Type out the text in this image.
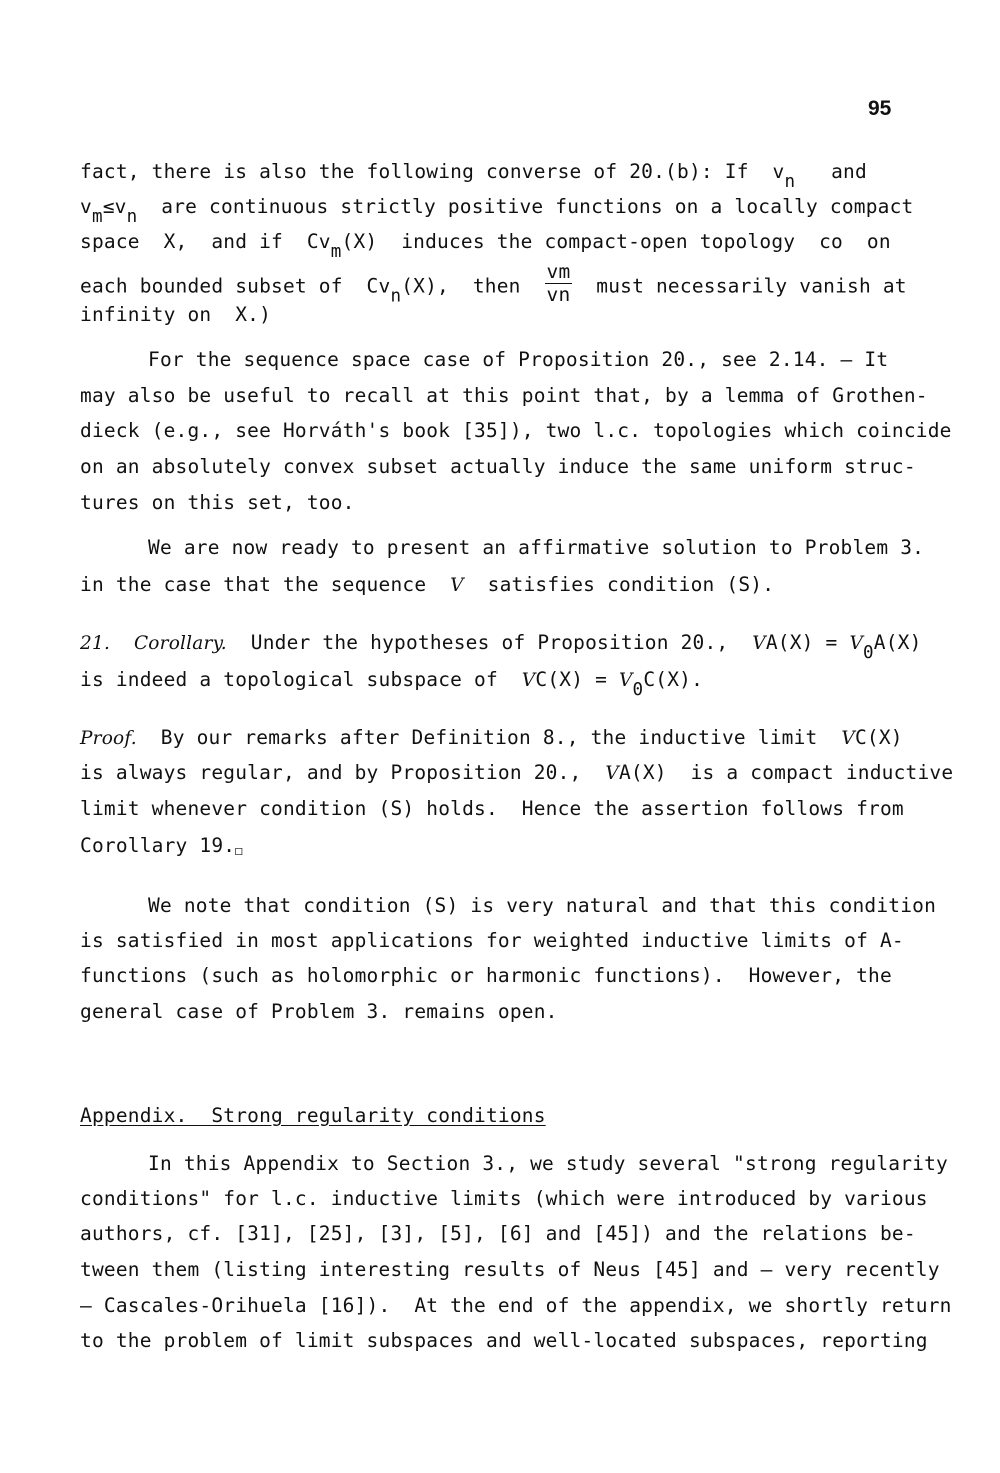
95
fact, there is also the following converse of 20.(b): If $v_n$ and
$v_m\le v_n$ are continuous strictly positive functions on a locally compact
space  X,  and if  $Cv_m(X)$  induces the compact-open topology  co  on
each bounded subset of  $Cv_n(X)$,  then $\frac{vm}{vn}$ must necessarily vanish at
infinity on  X.)
For the sequence space case of Proposition 20., see 2.14. — It
may also be useful to recall at this point that, by a lemma of Grothen-
dieck (e.g., see Horváth's book [35]), two l.c. topologies which coincide
on an absolutely convex subset actually induce the same uniform struc-
tures on this set, too.
We are now ready to present an affirmative solution to Problem 3.
in the case that the sequence V satisfies condition (S).
21. Corollary. Under the hypotheses of Proposition 20., $VA(X) = V_0A(X)$
is indeed a topological subspace of $VC(X) = V_0C(X)$.
Proof. By our remarks after Definition 8., the inductive limit VC(X)
is always regular, and by Proposition 20., VA(X)  is a compact inductive
limit whenever condition (S) holds.  Hence the assertion follows from
Corollary 19.□
We note that condition (S) is very natural and that this condition
is satisfied in most applications for weighted inductive limits of A-
functions (such as holomorphic or harmonic functions).  However, the
general case of Problem 3. remains open.
Appendix.  Strong regularity conditions
In this Appendix to Section 3., we study several "strong regularity
conditions" for l.c. inductive limits (which were introduced by various
authors, cf. [31], [25], [3], [5], [6] and [45]) and the relations be-
tween them (listing interesting results of Neus [45] and — very recently
— Cascales-Orihuela [16]).  At the end of the appendix, we shortly return
to the problem of limit subspaces and well-located subspaces, reporting
